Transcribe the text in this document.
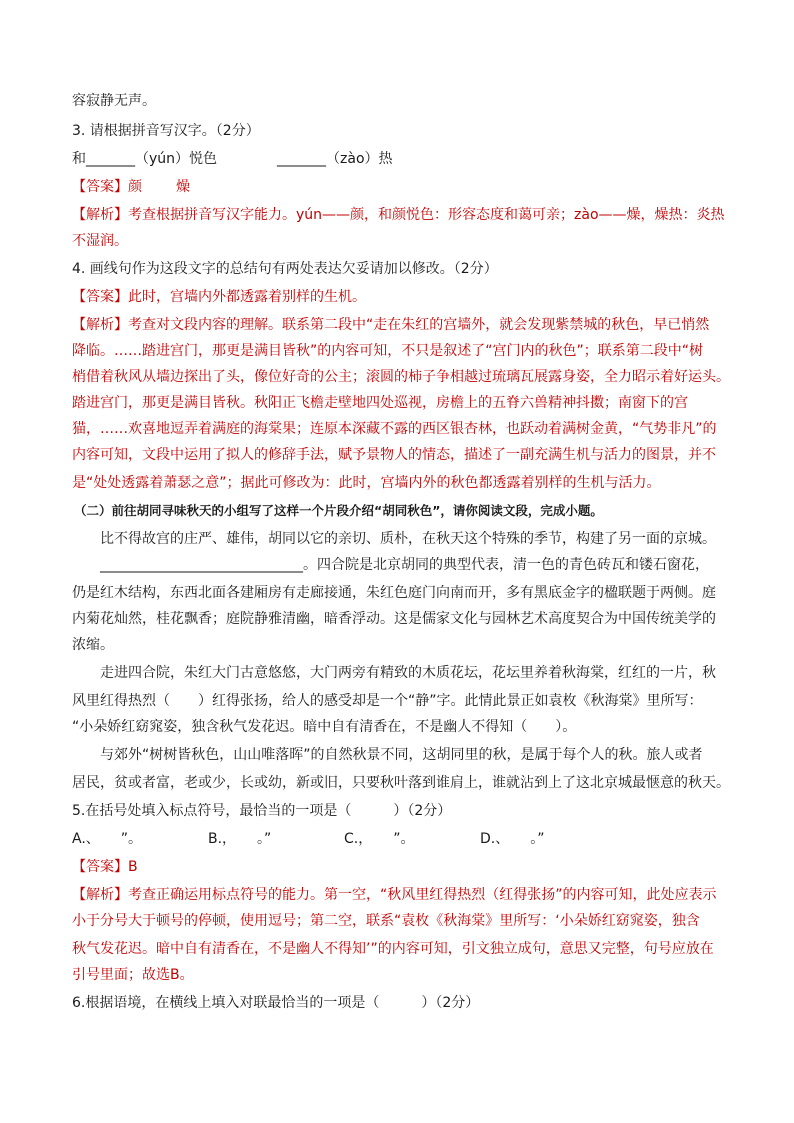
容寂静无声。
3. 请根据拼音写汉字。（2分）
和_______（yún）悦色	_______（zào）热
【答案】颜 燥
【解析】考查根据拼音写汉字能力。yún——颜，和颜悦色：形容态度和蔼可亲；zào——燥，燥热：炎热
不湿润。
4. 画线句作为这段文字的总结句有两处表达欠妥请加以修改。（2分）
【答案】此时，宫墙内外都透露着别样的生机。
【解析】考查对文段内容的理解。联系第二段中“走在朱红的宫墙外，就会发现紫禁城的秋色，早已悄然
降临。……踏进宫门，那更是满目皆秋”的内容可知，不只是叙述了“宫门内的秋色”；联系第二段中“树
梢借着秋风从墙边探出了头，像位好奇的公主；滚圆的柿子争相越过琉璃瓦展露身姿，全力昭示着好运头。
踏进宫门，那更是满目皆秋。秋阳正飞檐走壁地四处巡视，房檐上的五脊六兽精神抖擞；南窗下的宫
猫，……欢喜地逗弄着满庭的海棠果；连原本深藏不露的西区银杏林，也跃动着满树金黄，“气势非凡”的
内容可知，文段中运用了拟人的修辞手法，赋予景物人的情态，描述了一副充满生机与活力的图景，并不
是“处处透露着萧瑟之意”；据此可修改为：此时，宫墙内外的秋色都透露着别样的生机与活力。
（二）前往胡同寻味秋天的小组写了这样一个片段介绍“胡同秋色”，请你阅读文段，完成小题。
比不得故宫的庄严、雄伟，胡同以它的亲切、质朴，在秋天这个特殊的季节，构建了另一面的京城。
_____________________________。四合院是北京胡同的典型代表，清一色的青色砖瓦和镂石窗花，
仍是红木结构，东西北面各建厢房有走廊接通，朱红色庭门向南而开，多有黑底金字的楹联题于两侧。庭
内菊花灿然，桂花飘香；庭院静雅清幽，暗香浮动。这是儒家文化与园林艺术高度契合为中国传统美学的
浓缩。
走进四合院，朱红大门古意悠悠，大门两旁有精致的木质花坛，花坛里养着秋海棠，红红的一片，秋
风里红得热烈（　　）红得张扬，给人的感受却是一个“静”字。此情此景正如袁枚《秋海棠》里所写：
“小朵娇红窈窕姿，独含秋气发花迟。暗中自有清香在，不是幽人不得知（　　）。
与郊外“树树皆秋色，山山唯落晖”的自然秋景不同，这胡同里的秋，是属于每个人的秋。旅人或者
居民，贫或者富，老或少，长或幼，新或旧，只要秋叶落到谁肩上，谁就沾到上了这北京城最惬意的秋天。
5.在括号处填入标点符号，最恰当的一项是（　　　）（2分）
A.、　　”。	B.，　　。”	C.，　　”。	D.、　　。”
【答案】B
【解析】考查正确运用标点符号的能力。第一空，“秋风里红得热烈（红得张扬”的内容可知，此处应表示
小于分号大于顿号的停顿，使用逗号；第二空，联系“袁枚《秋海棠》里所写：‘小朵娇红窈窕姿，独含
秋气发花迟。暗中自有清香在，不是幽人不得知’”的内容可知，引文独立成句，意思又完整，句号应放在
引号里面；故选B。
6.根据语境，在横线上填入对联最恰当的一项是（　　　）（2分）
